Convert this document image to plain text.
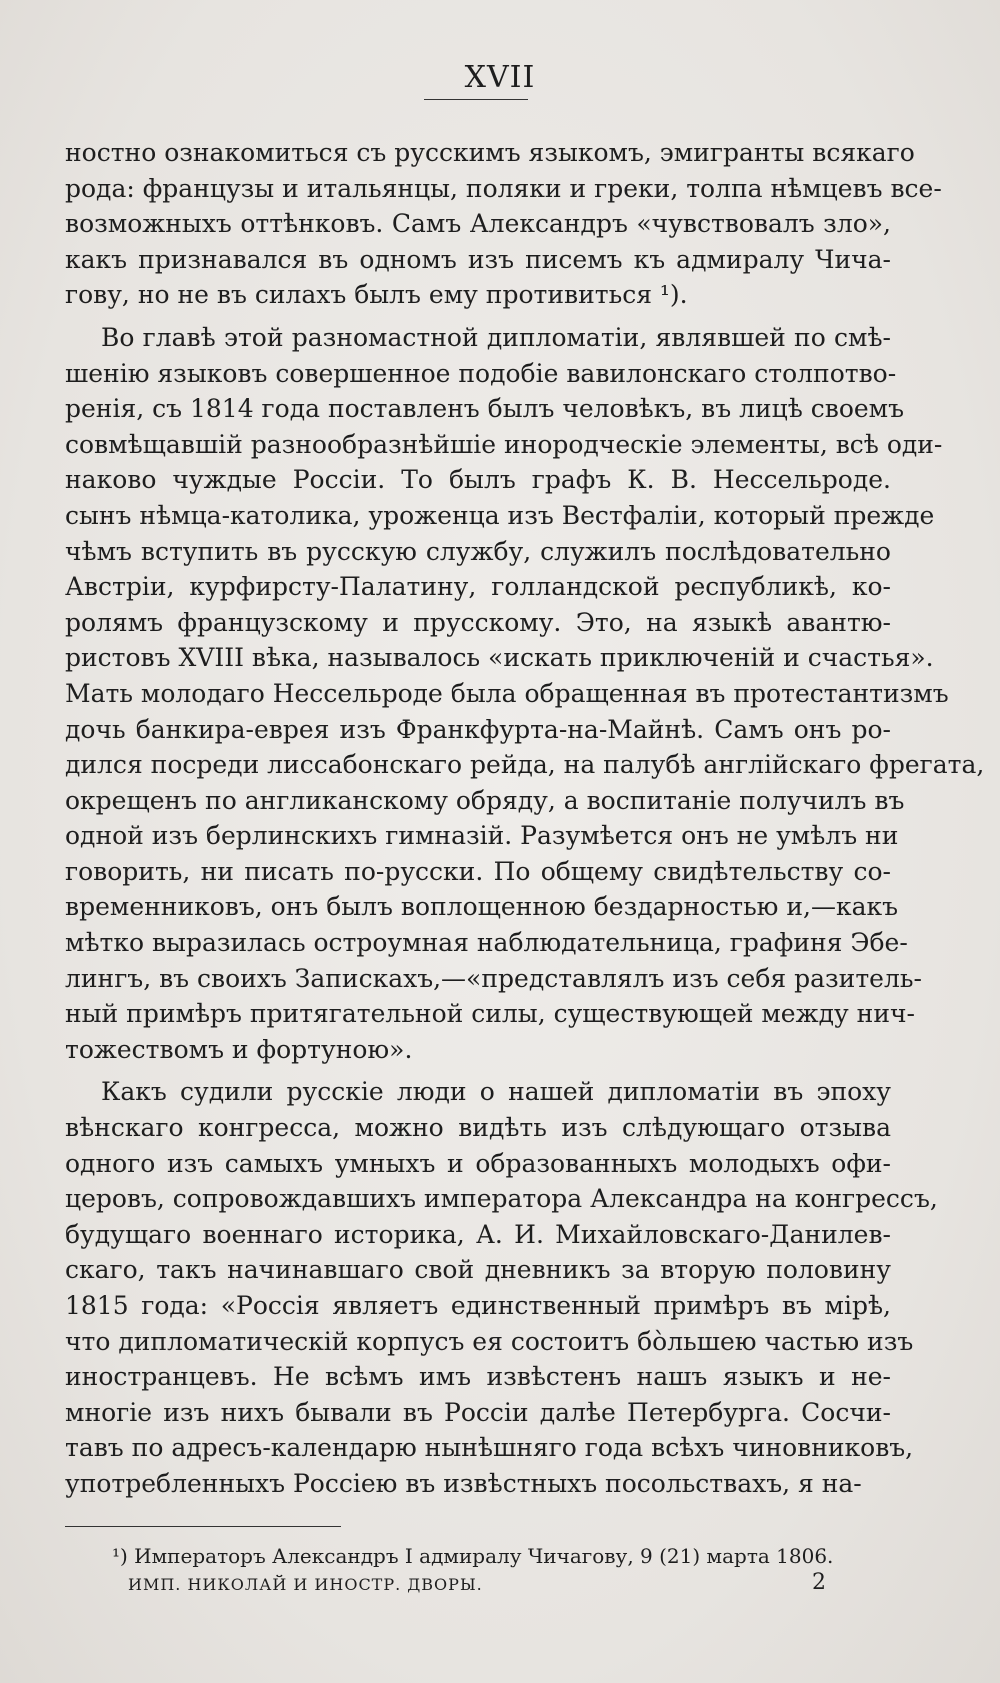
XVII
ностно ознакомиться съ русскимъ языкомъ, эмигранты всякаго
рода: французы и итальянцы, поляки и греки, толпа нѣмцевъ все-
возможныхъ оттѣнковъ. Самъ Александръ «чувствовалъ зло»,
какъ признавался въ одномъ изъ писемъ къ адмиралу Чича-
гову, но не въ силахъ былъ ему противиться ¹).
Во главѣ этой разномастной дипломатіи, являвшей по смѣ-
шенію языковъ совершенное подобіе вавилонскаго столпотво-
ренія, съ 1814 года поставленъ былъ человѣкъ, въ лицѣ своемъ
совмѣщавшій разнообразнѣйшіе инородческіе элементы, всѣ оди-
наково чуждые Россіи. То былъ графъ К. В. Нессельроде.
сынъ нѣмца-католика, уроженца изъ Вестфаліи, который прежде
чѣмъ вступить въ русскую службу, служилъ послѣдовательно
Австріи, курфирсту-Палатину, голландской республикѣ, ко-
ролямъ французскому и прусскому. Это, на языкѣ авантю-
ристовъ XVIII вѣка, называлось «искать приключеній и счастья».
Мать молодаго Нессельроде была обращенная въ протестантизмъ
дочь банкира-еврея изъ Франкфурта-на-Майнѣ. Самъ онъ ро-
дился посреди лиссабонскаго рейда, на палубѣ англійскаго фрегата,
окрещенъ по англиканскому обряду, а воспитаніе получилъ въ
одной изъ берлинскихъ гимназій. Разумѣется онъ не умѣлъ ни
говорить, ни писать по-русски. По общему свидѣтельству со-
временниковъ, онъ былъ воплощенною бездарностью и,—какъ
мѣтко выразилась остроумная наблюдательница, графиня Эбе-
лингъ, въ своихъ Запискахъ,—«представлялъ изъ себя разитель-
ный примѣръ притягательной силы, существующей между нич-
тожествомъ и фортуною».
Какъ судили русскіе люди о нашей дипломатіи въ эпоху
вѣнскаго конгресса, можно видѣть изъ слѣдующаго отзыва
одного изъ самыхъ умныхъ и образованныхъ молодыхъ офи-
церовъ, сопровождавшихъ императора Александра на конгрессъ,
будущаго военнаго историка, А. И. Михайловскаго-Данилев-
скаго, такъ начинавшаго свой дневникъ за вторую половину
1815 года: «Россія являетъ единственный примѣръ въ мірѣ,
что дипломатическій корпусъ ея состоитъ бо̀льшею частью изъ
иностранцевъ. Не всѣмъ имъ извѣстенъ нашъ языкъ и не-
многіе изъ нихъ бывали въ Россіи далѣе Петербурга. Сосчи-
тавъ по адресъ-календарю нынѣшняго года всѣхъ чиновниковъ,
употребленныхъ Россіею въ извѣстныхъ посольствахъ, я на-
¹) Императоръ Александръ I адмиралу Чичагову, 9 (21) марта 1806.
ИМП. НИКОЛАЙ И ИНОСТР. ДВОРЫ.	2
